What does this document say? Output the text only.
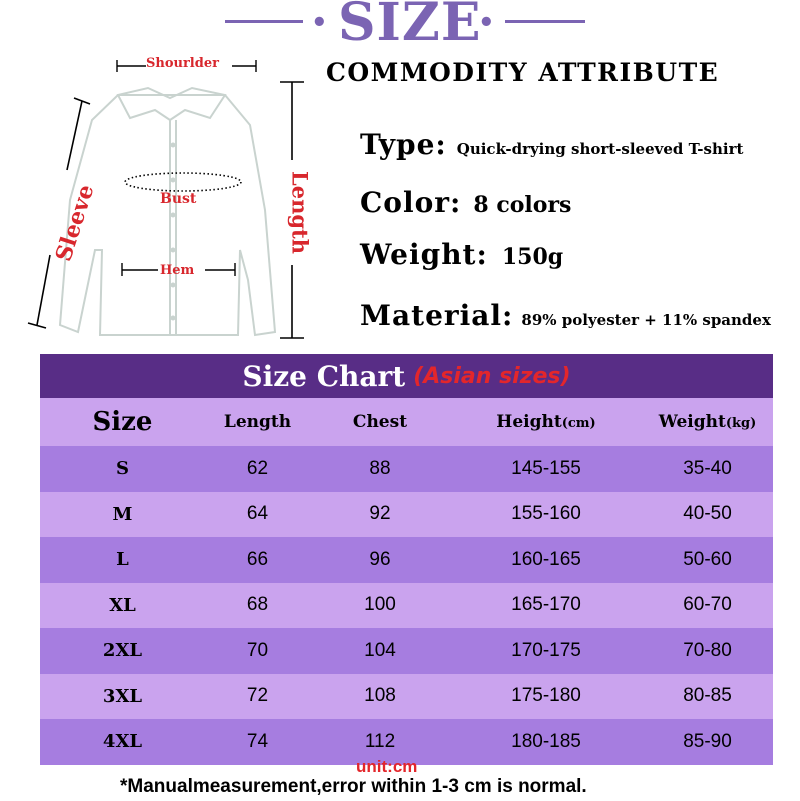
• SIZE
•
Shourlder
Bust
Hem
Sleeve	Length
COMMODITY ATTRIBUTE
Type: Quick-drying short-sleeved T-shirt
Color: 8 colors
Weight: 150g
Material: 89% polyester + 11% spandex
Size Chart (Asian sizes)
Size	Length	Chest	Height(cm)	Weight(kg)
S	62	88	145-155	35-40
M	64	92	155-160	40-50
L	66	96	160-165	50-60
XL	68	100	165-170	60-70
2XL	70	104	170-175	70-80
3XL	72	108	175-180	80-85
4XL	74	112	180-185	85-90
unit:cm
*Manualmeasurement,error within 1-3 cm is normal.
